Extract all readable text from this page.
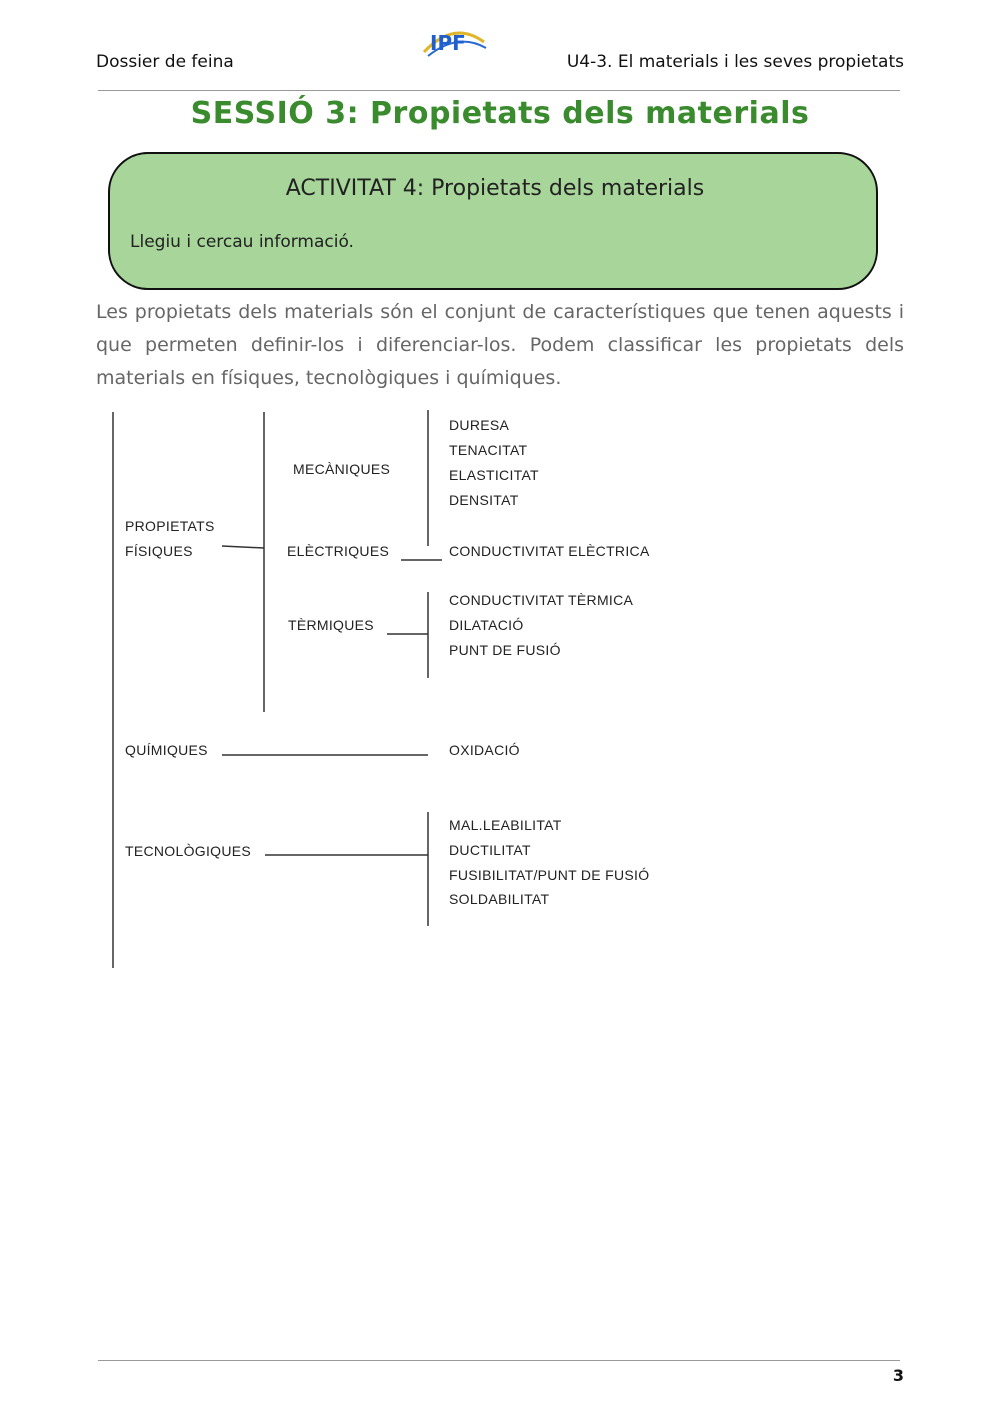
Dossier de feina
IPF
U4-3. El materials i les seves propietats
SESSIÓ 3: Propietats dels materials
ACTIVITAT 4: Propietats dels materials
Llegiu i cercau informació.
Les propietats dels materials són el conjunt de característiques que tenen aquests i que permeten definir-los i diferenciar-los. Podem classificar les propietats dels materials en físiques, tecnològiques i químiques.
PROPIETATS
FÍSIQUES
MECÀNIQUES
DURESA
TENACITAT
ELASTICITAT
DENSITAT
ELÈCTRIQUES	CONDUCTIVITAT ELÈCTRICA
TÈRMIQUES
CONDUCTIVITAT TÈRMICA
DILATACIÓ
PUNT DE FUSIÓ
QUÍMIQUES	OXIDACIÓ
TECNOLÒGIQUES
MAL.LEABILITAT
DUCTILITAT
FUSIBILITAT/PUNT DE FUSIÓ
SOLDABILITAT
3
